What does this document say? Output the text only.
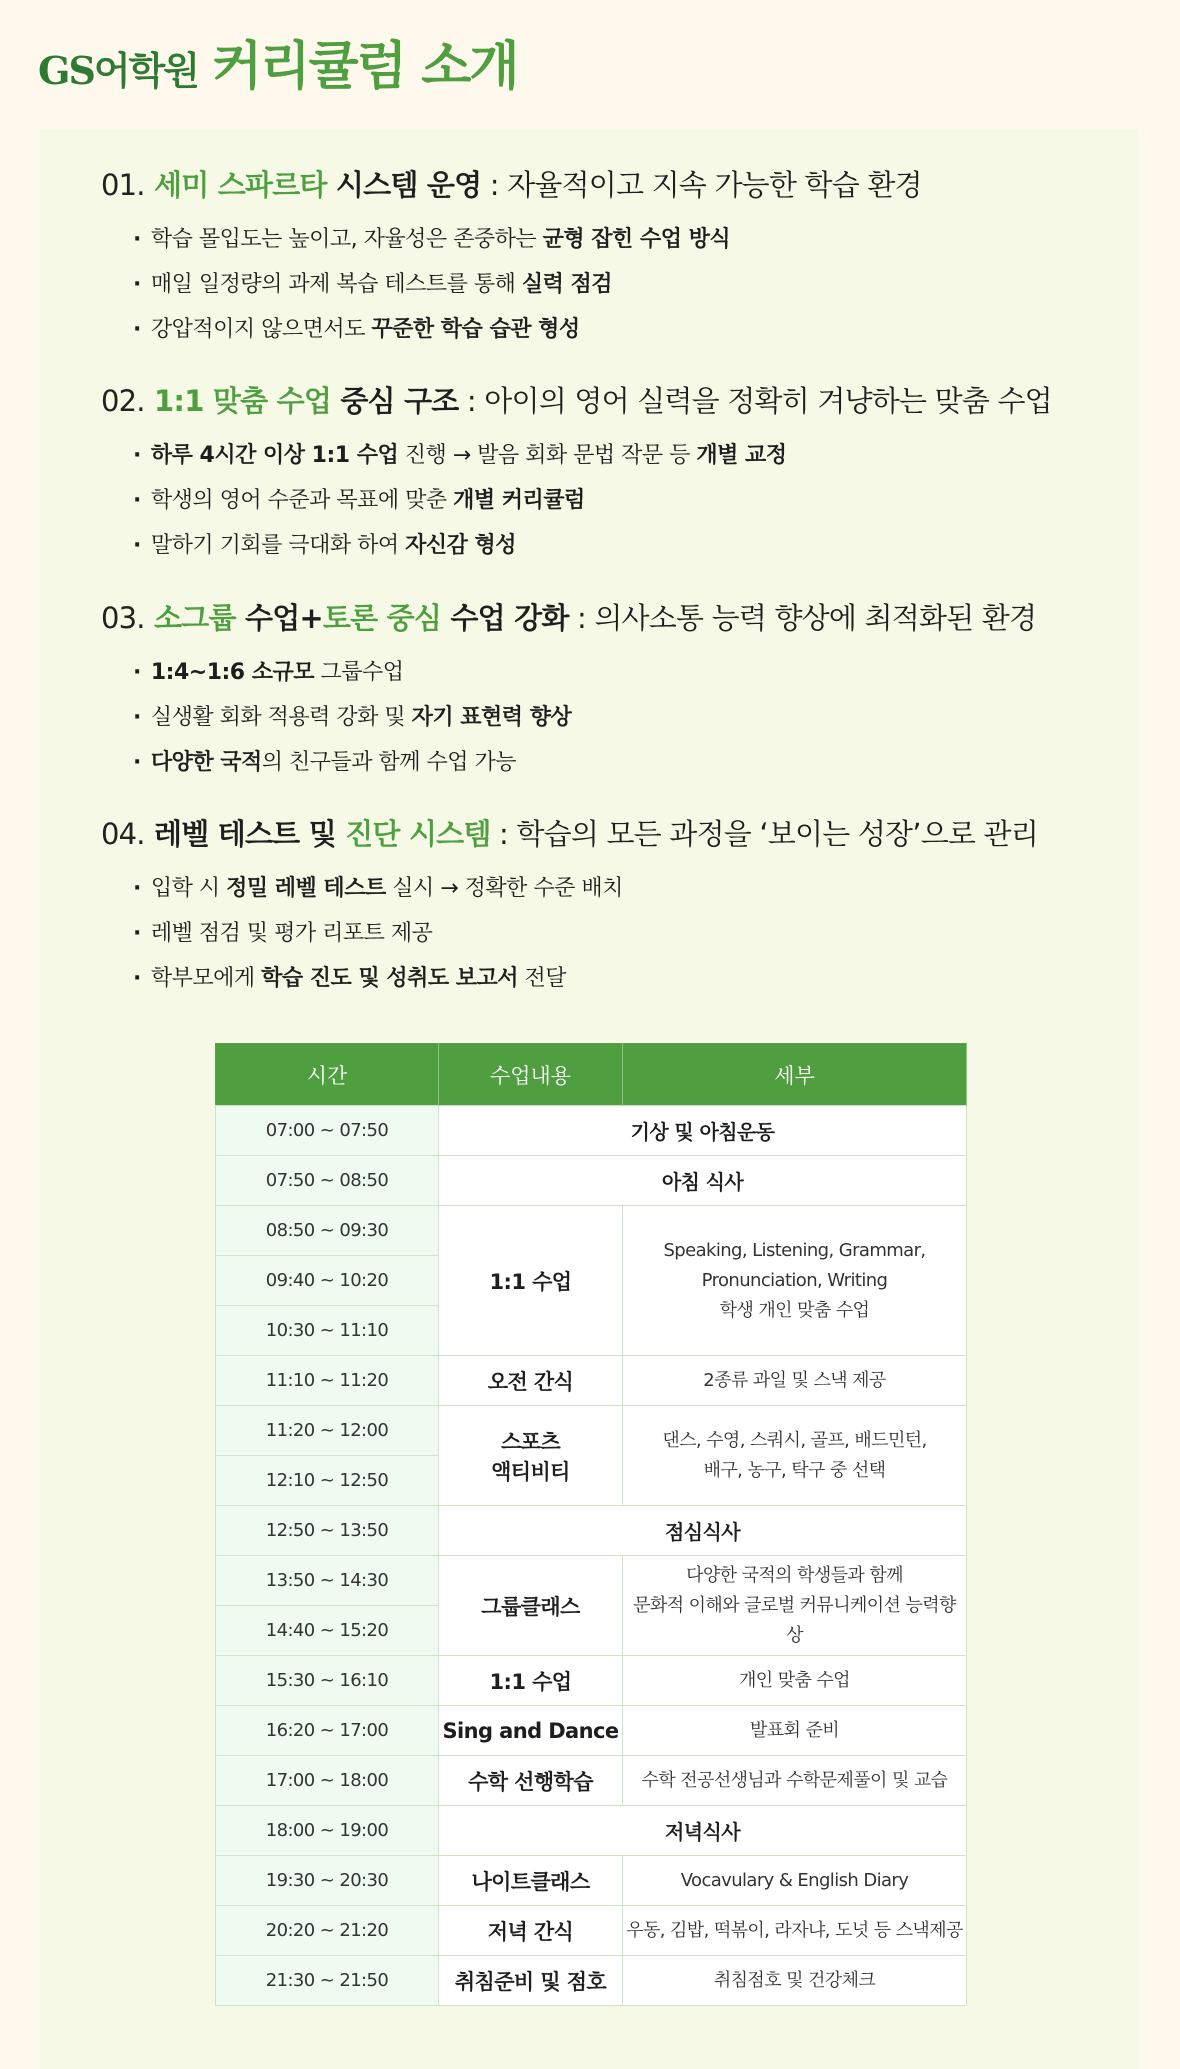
GS어학원 커리큘럼 소개
01. 세미 스파르타 시스템 운영 : 자율적이고 지속 가능한 학습 환경
· 학습 몰입도는 높이고, 자율성은 존중하는 균형 잡힌 수업 방식
· 매일 일정량의 과제 복습 테스트를 통해 실력 점검
· 강압적이지 않으면서도 꾸준한 학습 습관 형성
02. 1:1 맞춤 수업 중심 구조 : 아이의 영어 실력을 정확히 겨냥하는 맞춤 수업
· 하루 4시간 이상 1:1 수업 진행 → 발음 회화 문법 작문 등 개별 교정
· 학생의 영어 수준과 목표에 맞춘 개별 커리큘럼
· 말하기 기회를 극대화 하여 자신감 형성
03. 소그룹 수업+토론 중심 수업 강화 : 의사소통 능력 향상에 최적화된 환경
· 1:4~1:6 소규모 그룹수업
· 실생활 회화 적용력 강화 및 자기 표현력 향상
· 다양한 국적의 친구들과 함께 수업 가능
04. 레벨 테스트 및 진단 시스템 : 학습의 모든 과정을 ‘보이는 성장’으로 관리
· 입학 시 정밀 레벨 테스트 실시 → 정확한 수준 배치
· 레벨 점검 및 평가 리포트 제공
· 학부모에게 학습 진도 및 성취도 보고서 전달
시간	수업내용	세부
07:00 ~ 07:50	기상 및 아침운동	
07:50 ~ 08:50	아침 식사	
08:50 ~ 09:30	1:1 수업	Speaking, Listening, Grammar,
Pronunciation, Writing
학생 개인 맞춤 수업
09:40 ~ 10:20		
10:30 ~ 11:10		
11:10 ~ 11:20	오전 간식	2종류 과일 및 스낵 제공
11:20 ~ 12:00	스포츠
액티비티	댄스, 수영, 스쿼시, 골프, 배드민턴,
배구, 농구, 탁구 중 선택
12:10 ~ 12:50		
12:50 ~ 13:50	점심식사	
13:50 ~ 14:30	그룹클래스	다양한 국적의 학생들과 함께
문화적 이해와 글로벌 커뮤니케이션 능력향상
14:40 ~ 15:20		
15:30 ~ 16:10	1:1 수업	개인 맞춤 수업
16:20 ~ 17:00	Sing and Dance	발표회 준비
17:00 ~ 18:00	수학 선행학습	수학 전공선생님과 수학문제풀이 및 교습
18:00 ~ 19:00	저녁식사	
19:30 ~ 20:30	나이트클래스	Vocavulary & English Diary
20:20 ~ 21:20	저녁 간식	우동, 김밥, 떡볶이, 라자냐, 도넛 등 스낵제공
21:30 ~ 21:50	취침준비 및 점호	취침점호 및 건강체크
